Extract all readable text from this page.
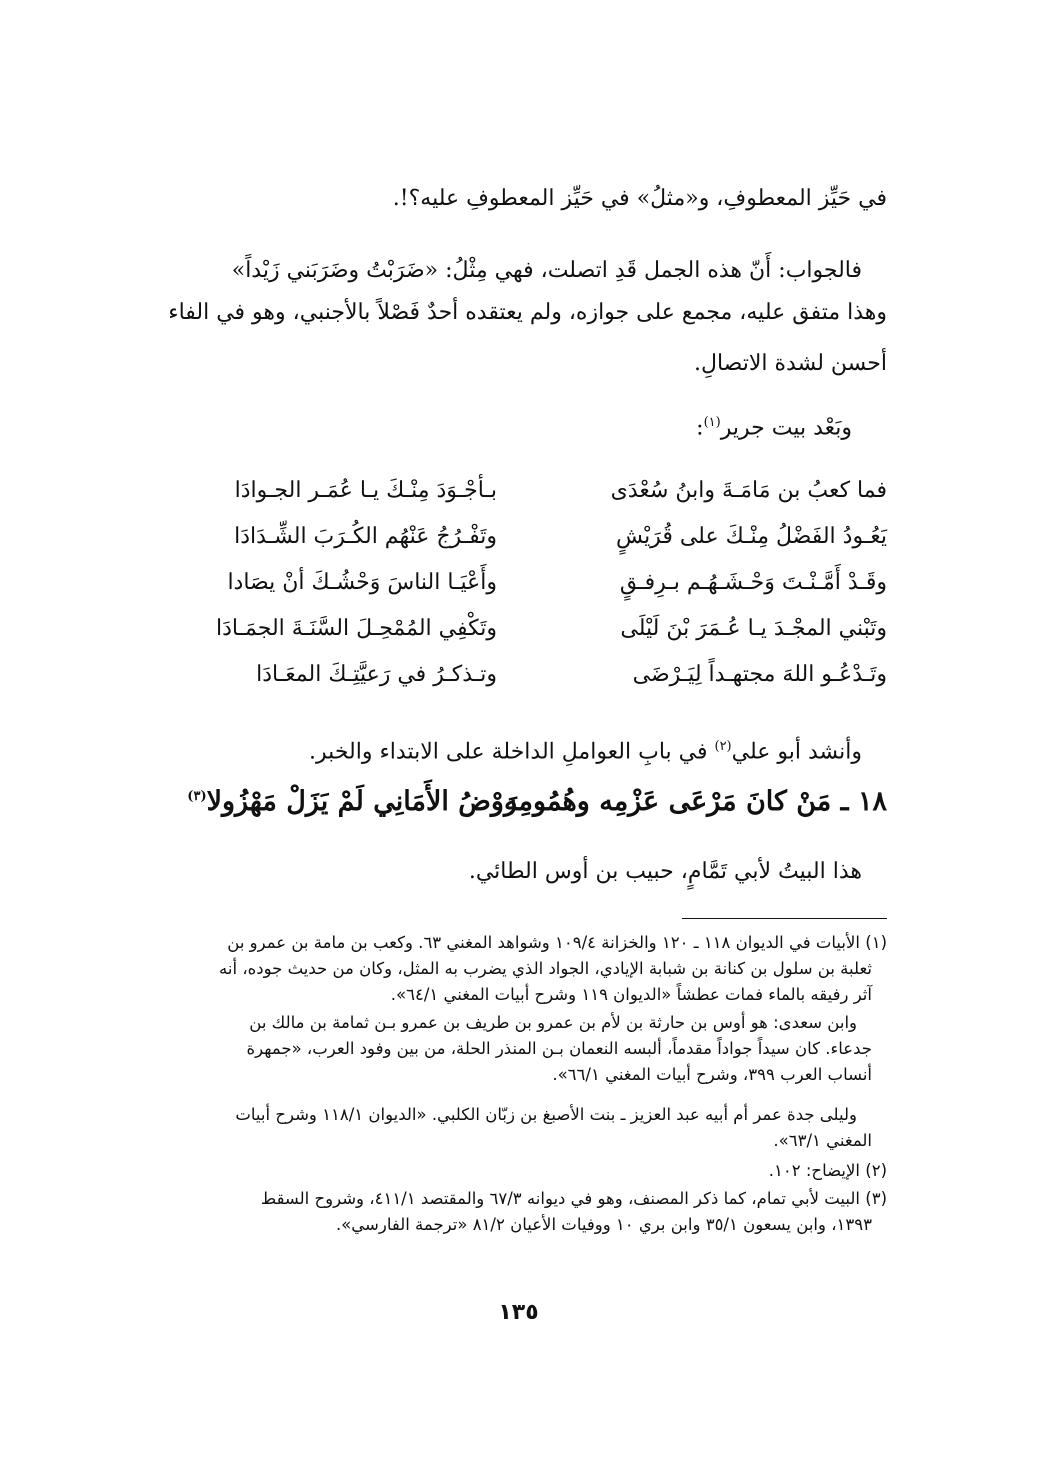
في حَيِّز المعطوفِ، و«مثلُ» في حَيِّز المعطوفِ عليه؟!.
فالجواب: أَنّ هذه الجمل قَدِ اتصلت، فهي مِثْلُ: «ضَرَبْتُ وضَرَبَني زَيْداً»
وهذا متفق عليه، مجمع على جوازه، ولم يعتقده أحدٌ فَصْلاً بالأجنبي، وهو في الفاء
أحسن لشدة الاتصالِ.
وبَعْد بيت جرير$^{(١)}$:
فما كعبُ بن مَامَـةَ وابنُ سُعْدَى
بـأجْـوَدَ مِنْـكَ يـا عُمَـر الجـوادَا
يَعُـودُ الفَضْلُ مِنْـكَ على قُرَيْشٍ
وتَفْـرُجُ عَنْهُم الكُـرَبَ الشِّـدَادَا
وقَـدْ أَمَّـنْـتَ وَحْـشَـهُـم بـرِفـقٍ
وأَعْيَـا الناسَ وَحْشُـكَ أنْ يصَادا
وتَبْني المجْـدَ يـا عُـمَرَ بْنَ لَيْلَى
وتَكْفِي المُمْحِـلَ السَّنَـةَ الجمَـادَا
وتَـدْعُـو اللهَ مجتهـداً لِيَـرْضَى
وتـذكـرُ في رَعيَّتِـكَ المعَـادَا
وأنشد أبو علي$^{(٢)}$ في بابِ العواملِ الداخلة على الابتداء والخبر.
١٨ ـ مَنْ كانَ مَرْعَى عَزْمِه وهُمُومِه
رَوْضُ الأَمَانِي لَمْ يَزَلْ مَهْزُولا$^{(٣)}$
هذا البيتُ لأبي تَمَّامٍ، حبيب بن أوس الطائي.
(١) الأبيات في الديوان ١١٨ ـ ١٢٠ والخزانة ١٠٩/٤ وشواهد المغني ٦٣. وكعب بن مامة بن عمرو بن
ثعلبة بن سلول بن كنانة بن شبابة الإيادي، الجواد الذي يضرب به المثل، وكان من حديث جوده، أنه
آثر رفيقه بالماء فمات عطشاً «الديوان ١١٩ وشرح أبيات المغني ٦٤/١».
وابن سعدى: هو أوس بن حارثة بن لأم بن عمرو بن طريف بن عمرو بـن ثمامة بن مالك بن
جدعاء. كان سيداً جواداً مقدماً، ألبسه النعمان بـن المنذر الحلة، من بين وفود العرب، «جمهرة
أنساب العرب ٣٩٩، وشرح أبيات المغني ٦٦/١».
وليلى جدة عمر أم أبيه عبد العزيز ـ بنت الأصبغ بن زبّان الكلبي. «الديوان ١١٨/١ وشرح أبيات
المغني ٦٣/١».
(٢) الإيضاح: ١٠٢.
(٣) البيت لأبي تمام، كما ذكر المصنف، وهو في ديوانه ٦٧/٣ والمقتصد ٤١١/١، وشروح السقط
١٣٩٣، وابن يسعون ٣٥/١ وابن بري ١٠ ووفيات الأعيان ٨١/٢ «ترجمة الفارسي».
١٣٥
